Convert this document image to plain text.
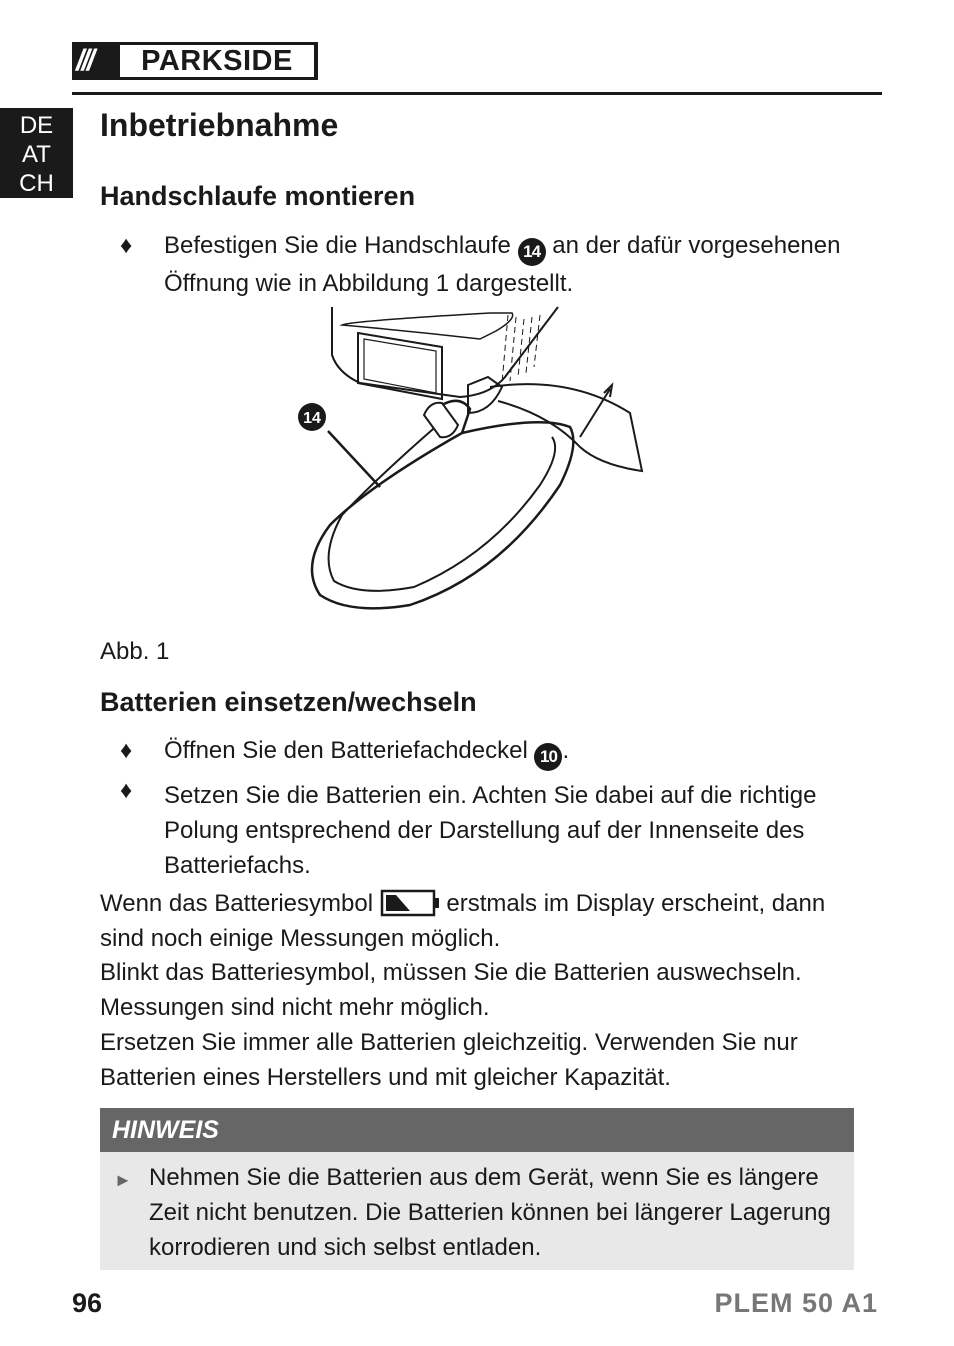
///	PARKSIDE
DE
AT
CH
Inbetriebnahme
Handschlaufe montieren
♦ Befestigen Sie die Handschlaufe 14 an der dafür vorgesehenen Öffnung wie in Abbildung 1 dargestellt.
14
Abb. 1
Batterien einsetzen/wechseln
♦ Öffnen Sie den Batteriefachdeckel 10 .
♦ Setzen Sie die Batterien ein. Achten Sie dabei auf die richtige Polung entsprechend der Darstellung auf der Innenseite des Batteriefachs.
Wenn das Batteriesymbol	erstmals im Display erscheint, dann sind noch einige Messungen möglich.
Blinkt das Batteriesymbol, müssen Sie die Batterien auswechseln. Messungen sind nicht mehr möglich.
Ersetzen Sie immer alle Batterien gleichzeitig. Verwenden Sie nur Batterien eines Herstellers und mit gleicher Kapazität.
HINWEIS
► Nehmen Sie die Batterien aus dem Gerät, wenn Sie es längere Zeit nicht benutzen. Die Batterien können bei längerer Lagerung korrodieren und sich selbst entladen.
96	PLEM 50 A1
